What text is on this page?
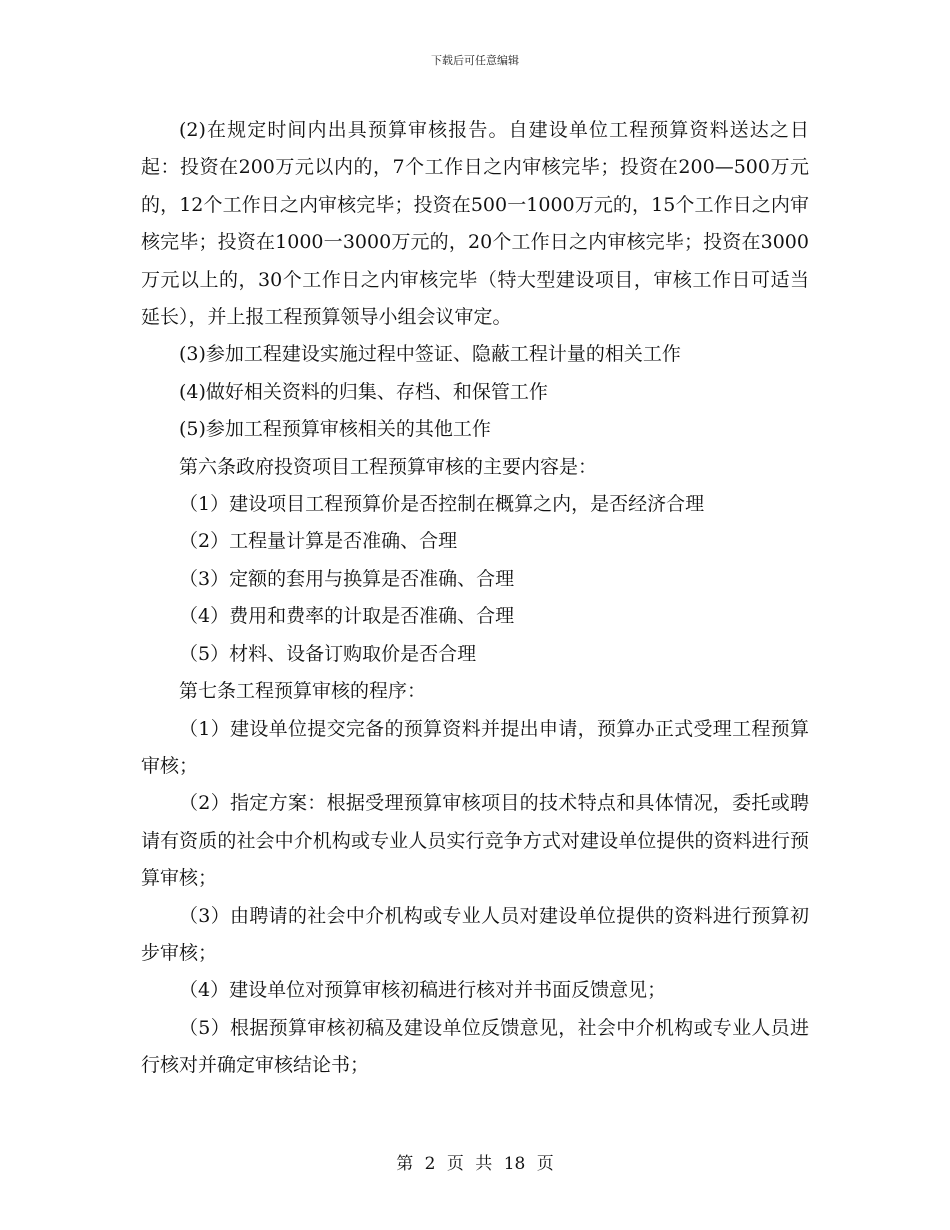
下载后可任意编辑

(2)在规定时间内出具预算审核报告。自建设单位工程预算资料送达之日起：投资在200万元以内的，7个工作日之内审核完毕；投资在200—500万元的，12个工作日之内审核完毕；投资在500一1000万元的，15个工作日之内审核完毕；投资在1000一3000万元的，20个工作日之内审核完毕；投资在3000万元以上的，30个工作日之内审核完毕（特大型建设项目，审核工作日可适当延长），并上报工程预算领导小组会议审定。

(3)参加工程建设实施过程中签证、隐蔽工程计量的相关工作

(4)做好相关资料的归集、存档、和保管工作

(5)参加工程预算审核相关的其他工作

第六条政府投资项目工程预算审核的主要内容是：

（1）建设项目工程预算价是否控制在概算之内，是否经济合理

（2）工程量计算是否准确、合理

（3）定额的套用与换算是否准确、合理

（4）费用和费率的计取是否准确、合理

（5）材料、设备订购取价是否合理

第七条工程预算审核的程序：

（1）建设单位提交完备的预算资料并提出申请，预算办正式受理工程预算审核；

（2）指定方案：根据受理预算审核项目的技术特点和具体情况，委托或聘请有资质的社会中介机构或专业人员实行竞争方式对建设单位提供的资料进行预算审核；

（3）由聘请的社会中介机构或专业人员对建设单位提供的资料进行预算初步审核；

（4）建设单位对预算审核初稿进行核对并书面反馈意见；

（5）根据预算审核初稿及建设单位反馈意见，社会中介机构或专业人员进行核对并确定审核结论书；

第 2 页 共 18 页
